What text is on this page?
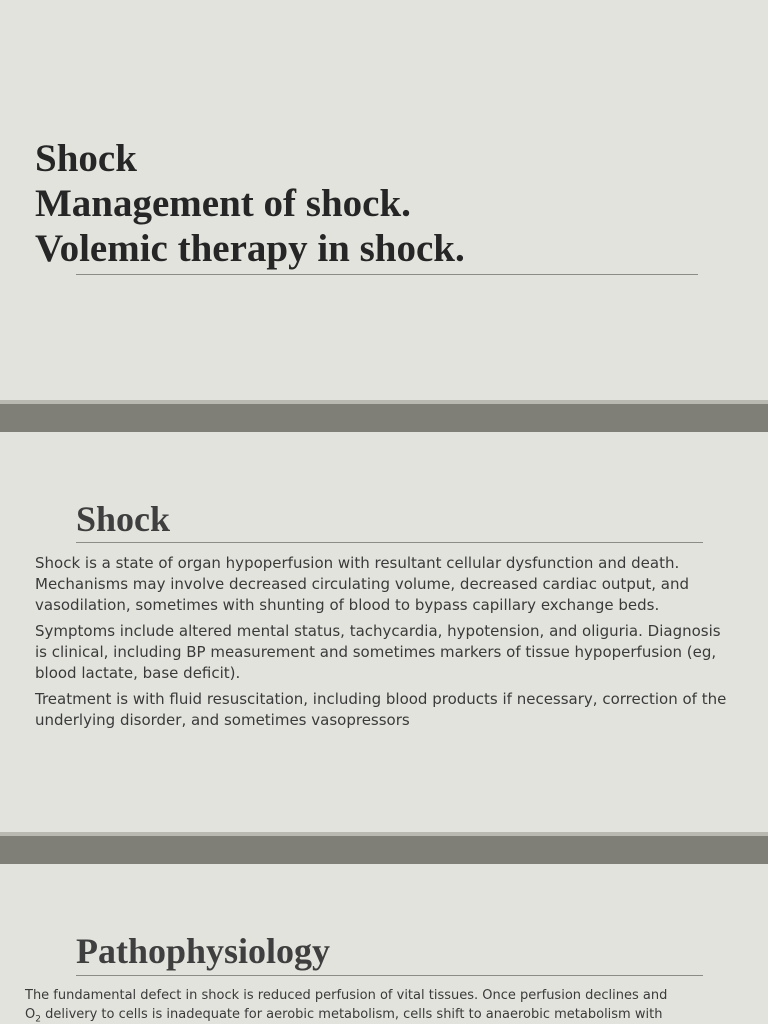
Shock
Management of shock.
Volemic therapy in shock.
Shock

Shock is a state of organ hypoperfusion with resultant cellular dysfunction and death. Mechanisms may involve decreased circulating volume, decreased cardiac output, and vasodilation, sometimes with shunting of blood to bypass capillary exchange beds.

Symptoms include altered mental status, tachycardia, hypotension, and oliguria. Diagnosis is clinical, including BP measurement and sometimes markers of tissue hypoperfusion (eg, blood lactate, base deficit).

Treatment is with fluid resuscitation, including blood products if necessary, correction of the underlying disorder, and sometimes vasopressors

Pathophysiology

The fundamental defect in shock is reduced perfusion of vital tissues. Once perfusion declines and

$O_2$ delivery to cells is inadequate for aerobic metabolism, cells shift to anaerobic metabolism with
